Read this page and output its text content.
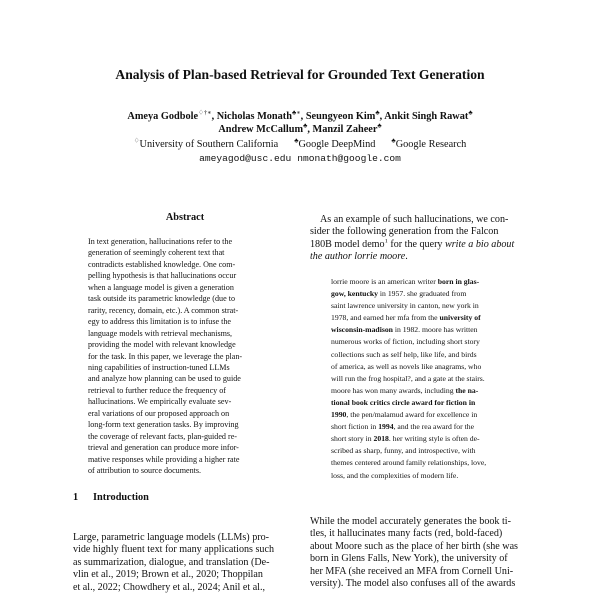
Analysis of Plan-based Retrieval for Grounded Text Generation
Ameya Godbole♢†∗, Nicholas Monath♣∗, Seungyeon Kim♣, Ankit Singh Rawat♣
Andrew McCallum♣, Manzil Zaheer♣
♢University of Southern California ♣Google DeepMind ♣Google Research
ameyagod@usc.edu nmonath@google.com
Abstract
In text generation, hallucinations refer to the
generation of seemingly coherent text that
contradicts established knowledge. One com-
pelling hypothesis is that hallucinations occur
when a language model is given a generation
task outside its parametric knowledge (due to
rarity, recency, domain, etc.). A common strat-
egy to address this limitation is to infuse the
language models with retrieval mechanisms,
providing the model with relevant knowledge
for the task. In this paper, we leverage the plan-
ning capabilities of instruction-tuned LLMs
and analyze how planning can be used to guide
retrieval to further reduce the frequency of
hallucinations. We empirically evaluate sev-
eral variations of our proposed approach on
long-form text generation tasks. By improving
the coverage of relevant facts, plan-guided re-
trieval and generation can produce more infor-
mative responses while providing a higher rate
of attribution to source documents.
1 Introduction
Large, parametric language models (LLMs) pro-
vide highly fluent text for many applications such
as summarization, dialogue, and translation (De-
vlin et al., 2019; Brown et al., 2020; Thoppilan
et al., 2022; Chowdhery et al., 2024; Anil et al.,
As an example of such hallucinations, we con-
sider the following generation from the Falcon
180B model demo$^1$ for the query write a bio about
the author lorrie moore.
lorrie moore is an american writer born in glas-
gow, kentucky in 1957. she graduated from
saint lawrence university in canton, new york in
1978, and earned her mfa from the university of
wisconsin-madison in 1982. moore has written
numerous works of fiction, including short story
collections such as self help, like life, and birds
of america, as well as novels like anagrams, who
will run the frog hospital?, and a gate at the stairs.
moore has won many awards, including the na-
tional book critics circle award for fiction in
1990, the pen/malamud award for excellence in
short fiction in 1994, and the rea award for the
short story in 2018. her writing style is often de-
scribed as sharp, funny, and introspective, with
themes centered around family relationships, love,
loss, and the complexities of modern life.
While the model accurately generates the book ti-
tles, it hallucinates many facts (red, bold-faced)
about Moore such as the place of her birth (she was
born in Glens Falls, New York), the university of
her MFA (she received an MFA from Cornell Uni-
versity). The model also confuses all of the awards
